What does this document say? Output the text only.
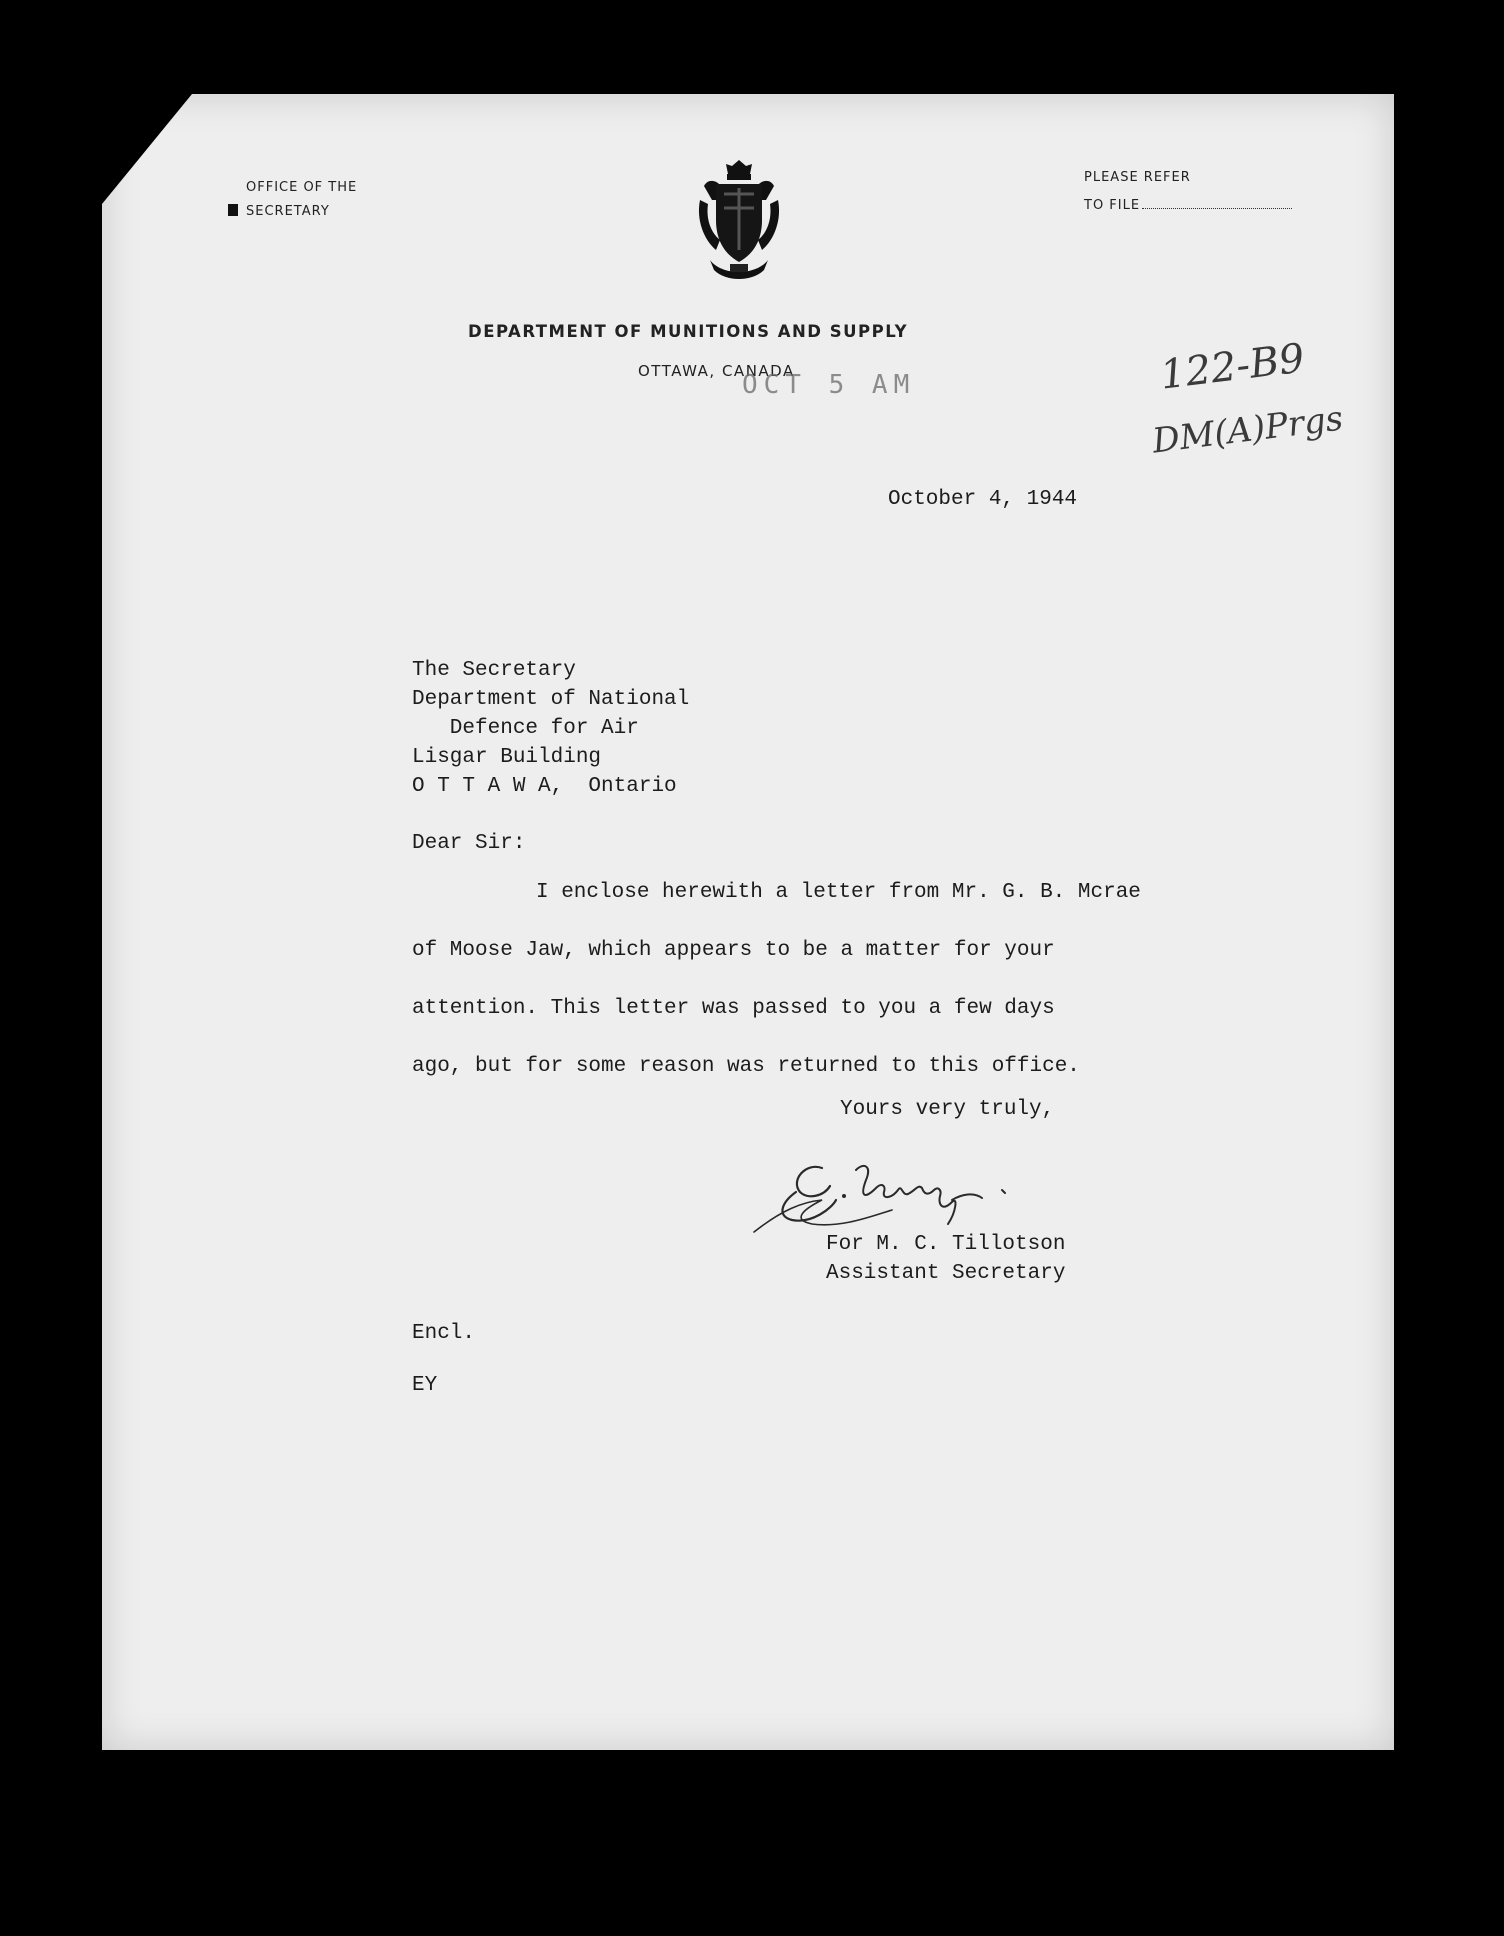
OFFICE OF THE
SECRETARY
PLEASE REFER
TO FILE
DEPARTMENT OF MUNITIONS AND SUPPLY
OTTAWA, CANADA
OCT 5 AM	122-B9
DM(A)Prgs
October 4, 1944
The Secretary
Department of National
Defence for Air
Lisgar Building
O T T A W A,  Ontario
Dear Sir:
I enclose herewith a letter from Mr. G. B. Mcrae
of Moose Jaw, which appears to be a matter for your
attention. This letter was passed to you a few days
ago, but for some reason was returned to this office.
Yours very truly,
For M. C. Tillotson
Assistant Secretary
Encl.
EY
